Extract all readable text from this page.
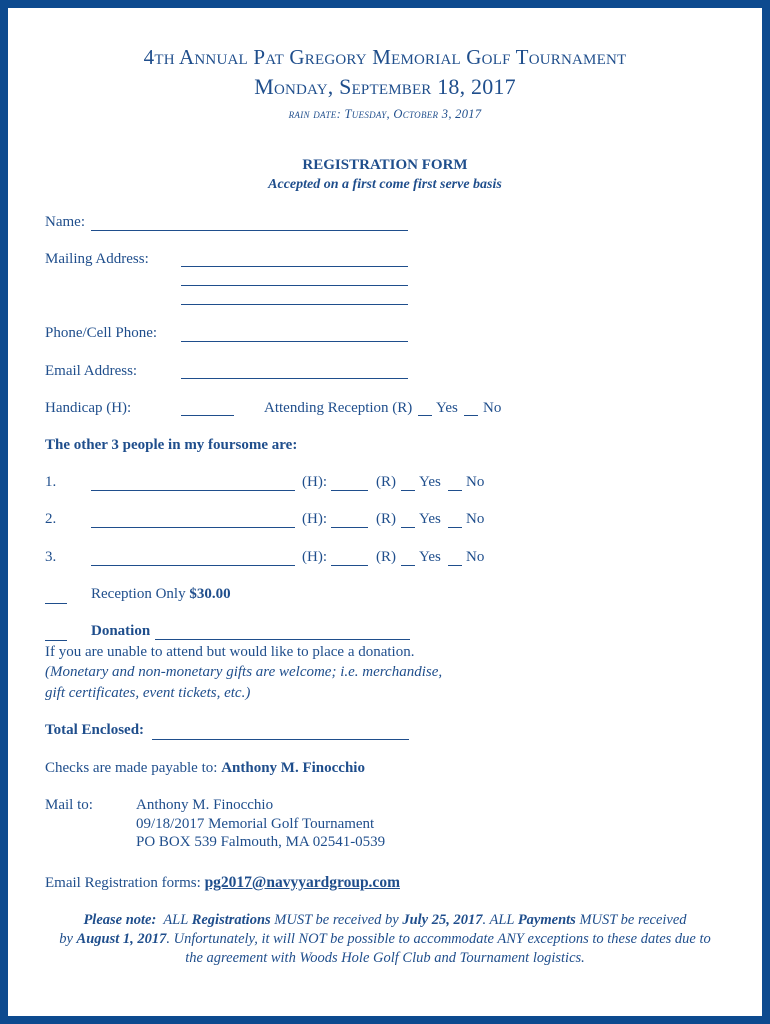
4th Annual Pat Gregory Memorial Golf Tournament
Monday, September 18, 2017
rain date: Tuesday, October 3, 2017
REGISTRATION FORM
Accepted on a first come first serve basis
Name:
Mailing Address:
Phone/Cell Phone:
Email Address:
Handicap (H):	Attending Reception (R) Yes No
The other 3 people in my foursome are:
1.	(H):	(R) Yes No
2.	(H):	(R) Yes No
3.	(H):	(R) Yes No
Reception Only $30.00
Donation
If you are unable to attend but would like to place a donation.
(Monetary and non-monetary gifts are welcome; i.e. merchandise,
gift certificates, event tickets, etc.)
Total Enclosed:
Checks are made payable to: Anthony M. Finocchio
Mail to:	Anthony M. Finocchio
09/18/2017 Memorial Golf Tournament
PO BOX 539 Falmouth, MA 02541-0539
Email Registration forms: pg2017@navyyardgroup.com
Please note: ALL Registrations MUST be received by July 25, 2017. ALL Payments MUST be received
by August 1, 2017. Unfortunately, it will NOT be possible to accommodate ANY exceptions to these dates due to
the agreement with Woods Hole Golf Club and Tournament logistics.
